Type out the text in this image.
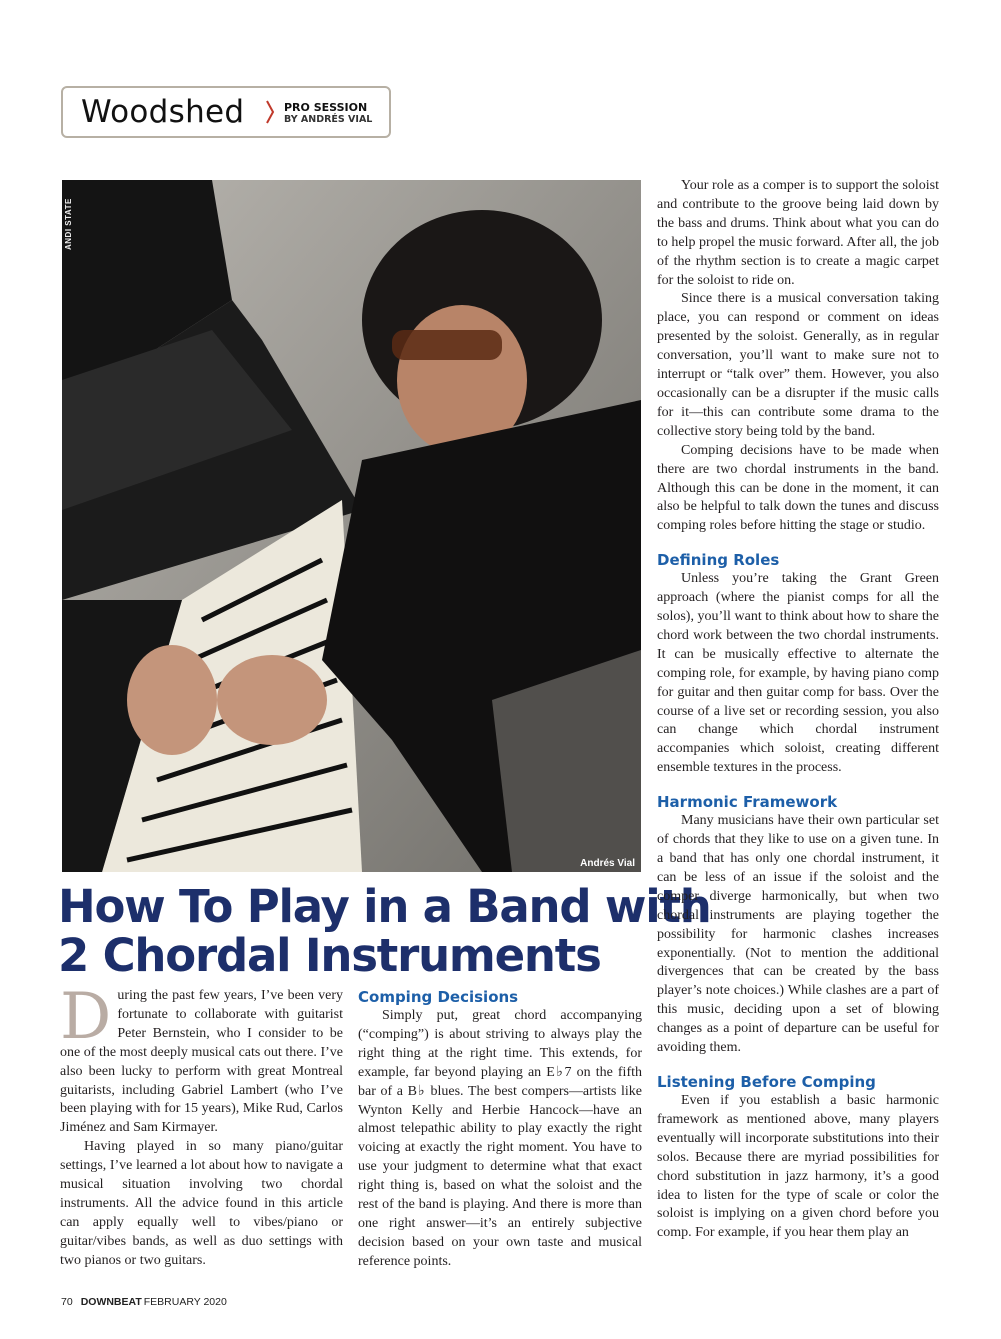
Woodshed	PRO SESSION
BY ANDRÉS VIAL
ANDI STATE
Andrés Vial
How To Play in a Band with
2 Chordal Instruments

During the past few years, I’ve been very fortunate to collaborate with guitarist Peter Bernstein, who I consider to be one of the most deeply musical cats out there. I’ve also been lucky to perform with great Montreal guitarists, including Gabriel Lambert (who I’ve been playing with for 15 years), Mike Rud, Carlos Jiménez and Sam Kirmayer.

Having played in so many piano/guitar settings, I’ve learned a lot about how to navigate a musical situation involving two chordal instruments. All the advice found in this article can apply equally well to vibes/piano or guitar/vibes bands, as well as duo settings with two pianos or two guitars.

Comping Decisions

Simply put, great chord accompanying (“comping”) is about striving to always play the right thing at the right time. This extends, for example, far beyond playing an E♭7 on the fifth bar of a B♭ blues. The best compers—artists like Wynton Kelly and Herbie Hancock—have an almost telepathic ability to play exactly the right voicing at exactly the right moment. You have to use your judgment to determine what that exact right thing is, based on what the soloist and the rest of the band is playing. And there is more than one right answer—it’s an entirely subjective decision based on your own taste and musical reference points.

Your role as a comper is to support the soloist and contribute to the groove being laid down by the bass and drums. Think about what you can do to help propel the music forward. After all, the job of the rhythm section is to create a magic carpet for the soloist to ride on.

Since there is a musical conversation taking place, you can respond or comment on ideas presented by the soloist. Generally, as in regular conversation, you’ll want to make sure not to interrupt or “talk over” them. However, you also occasionally can be a disrupter if the music calls for it—this can contribute some drama to the collective story being told by the band.

Comping decisions have to be made when there are two chordal instruments in the band. Although this can be done in the moment, it can also be helpful to talk down the tunes and discuss comping roles before hitting the stage or studio.

Defining Roles

Unless you’re taking the Grant Green approach (where the pianist comps for all the solos), you’ll want to think about how to share the chord work between the two chordal instruments. It can be musically effective to alternate the comping role, for example, by having piano comp for guitar and then guitar comp for bass. Over the course of a live set or recording session, you also can change which chordal instrument accompanies which soloist, creating different ensemble textures in the process.

Harmonic Framework

Many musicians have their own particular set of chords that they like to use on a given tune. In a band that has only one chordal instrument, it can be less of an issue if the soloist and the comper diverge harmonically, but when two chordal instruments are playing together the possibility for harmonic clashes increases exponentially. (Not to mention the additional divergences that can be created by the bass player’s note choices.) While clashes are a part of this music, deciding upon a set of blowing changes as a point of departure can be useful for avoiding them.

Listening Before Comping

Even if you establish a basic harmonic framework as mentioned above, many players eventually will incorporate substitutions into their solos. Because there are myriad possibilities for chord substitution in jazz harmony, it’s a good idea to listen for the type of scale or color the soloist is implying on a given chord before you comp. For example, if you hear them play an

70 DOWNBEAT FEBRUARY 2020
